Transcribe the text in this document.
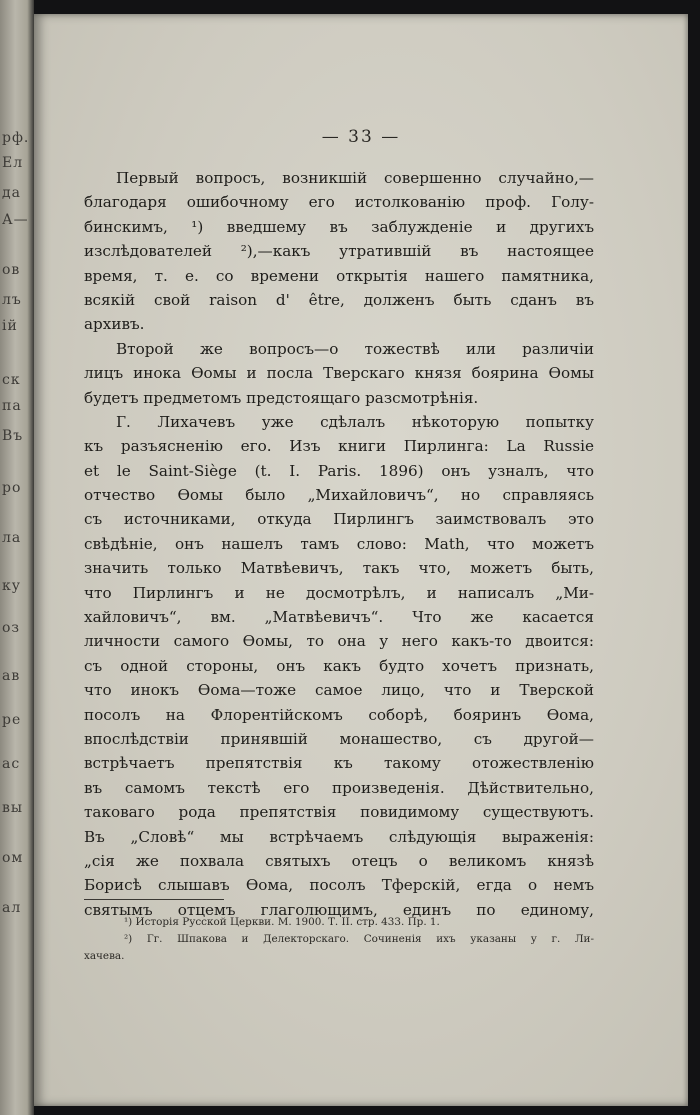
рф.
Ел
да
А—
ов
лъ
ій
ск
па
Въ
ро
ла
ку
оз
ав
ре
ас
вы
ом
ал
— 33 —
Первый вопросъ, возникшій совершенно случайно,—
благодаря ошибочному его истолкованію проф. Голу-
бинскимъ, ¹) введшему въ заблужденіе и другихъ
изслѣдователей ²),—какъ утратившій въ настоящее
время, т. е. со времени открытія нашего памятника,
всякій свой raison d' être, долженъ быть сданъ въ
архивъ.
Второй же вопросъ—о тожествѣ или различіи
лицъ инока Ѳомы и посла Тверскаго князя боярина Ѳомы
будетъ предметомъ предстоящаго разсмотрѣнія.
Г. Лихачевъ уже сдѣлалъ нѣкоторую попытку
къ разъясненію его. Изъ книги Пирлинга: La Russie
et le Saint-Siège (t. I. Paris. 1896) онъ узналъ, что
отчество Ѳомы было „Михайловичъ“, но справляясь
съ источниками, откуда Пирлингъ заимствовалъ это
свѣдѣніе, онъ нашелъ тамъ слово: Math, что можетъ
значить только Матвѣевичъ, такъ что, можетъ быть,
что Пирлингъ и не досмотрѣлъ, и написалъ „Ми-
хайловичъ“, вм. „Матвѣевичъ“. Что же касается
личности самого Ѳомы, то она у него какъ-то двоится:
съ одной стороны, онъ какъ будто хочетъ признать,
что инокъ Ѳома—тоже самое лицо, что и Тверской
посолъ на Флорентійскомъ соборѣ, бояринъ Ѳома,
впослѣдствіи принявшій монашество, съ другой—
встрѣчаетъ препятствія къ такому отожествленію
въ самомъ текстѣ его произведенія. Дѣйствительно,
таковаго рода препятствія повидимому существуютъ.
Въ „Словѣ“ мы встрѣчаемъ слѣдующія выраженія:
„сія же похвала святыхъ отецъ о великомъ князѣ
Борисѣ слышавъ Ѳома, посолъ Тферскій, егда о немъ
святымъ отцемъ глаголющимъ, единъ по единому,
¹) Исторія Русской Церкви. М. 1900. Т. II. стр. 433. Пр. 1.
²) Гг. Шпакова и Делекторскаго. Сочиненія ихъ указаны у г. Ли-
хачева.
